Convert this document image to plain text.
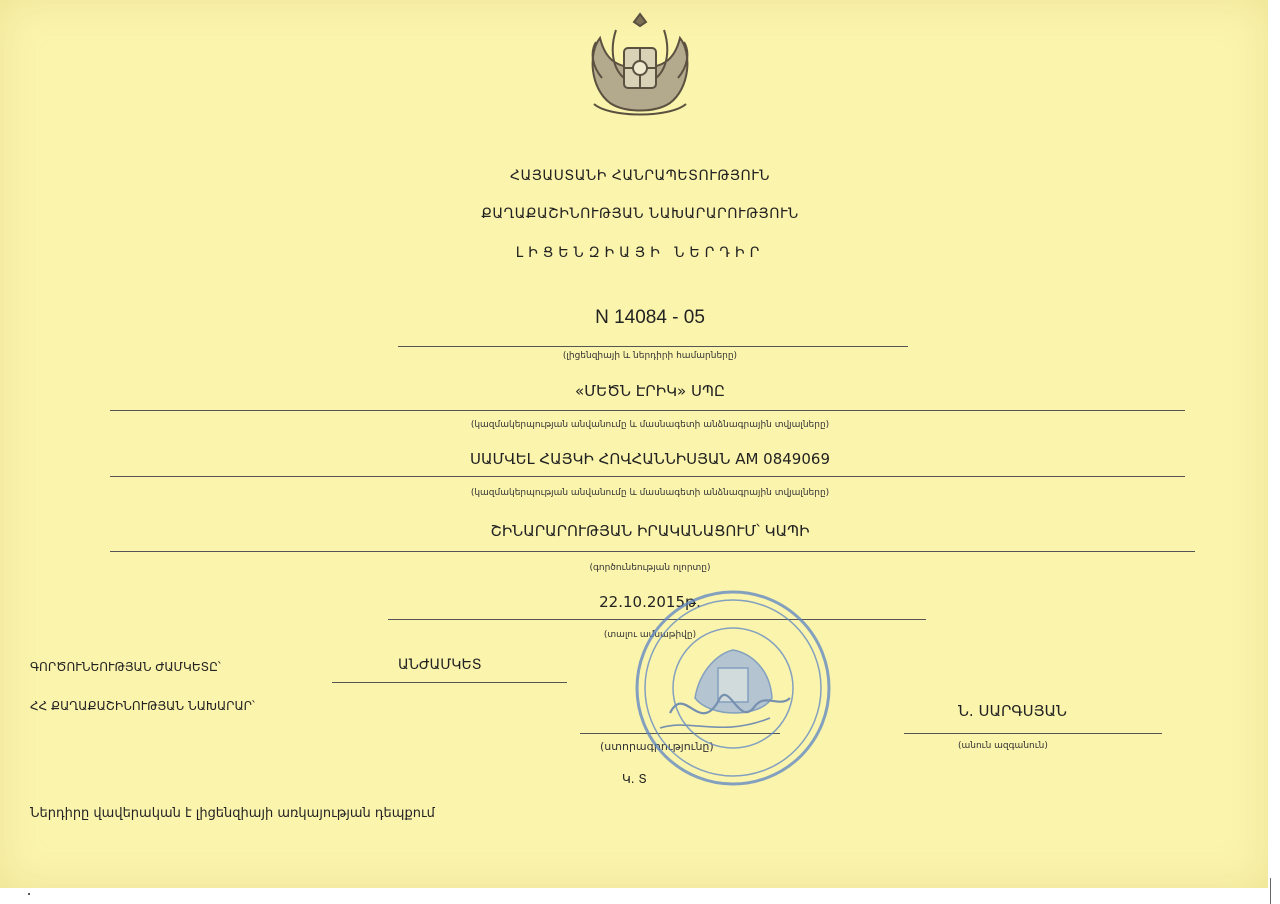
ՀԱՅԱՍՏԱՆԻ ՀԱՆՐԱՊԵՏՈՒԹՅՈՒՆ
ՔԱՂԱՔԱՇԻՆՈՒԹՅԱՆ ՆԱԽԱՐԱՐՈՒԹՅՈՒՆ
ԼԻՑԵՆԶԻԱՅԻ ՆԵՐԴԻՐ
N 14084 - 05
(լիցենզիայի և ներդիրի համարները)
«ՄԵԾՆ ԷՐԻԿ» ՍՊԸ
(կազմակերպության անվանումը և մասնագետի անձնագրային տվյալները)
ՍԱՄՎԵԼ ՀԱՅԿԻ ՀՈՎՀԱՆՆԻՍՅԱՆ AM 0849069
(կազմակերպության անվանումը և մասնագետի անձնագրային տվյալները)
ՇԻՆԱՐԱՐՈՒԹՅԱՆ ԻՐԱԿԱՆԱՑՈՒՄ՝ ԿԱՊԻ
(գործունեության ոլորտը)
22.10.2015թ.
(տալու ամսաթիվը)
ԳՈՐԾՈՒՆԵՈՒԹՅԱՆ ԺԱՄԿԵՏԸ՝	ԱՆԺԱՄԿԵՏ
ՀՀ ՔԱՂԱՔԱՇԻՆՈՒԹՅԱՆ ՆԱԽԱՐԱՐ՝
(ստորագրությունը)
Ն. ՍԱՐԳՍՅԱՆ
(անուն ազգանուն)
Կ. Տ
Ներդիրը վավերական է լիցենզիայի առկայության դեպքում
